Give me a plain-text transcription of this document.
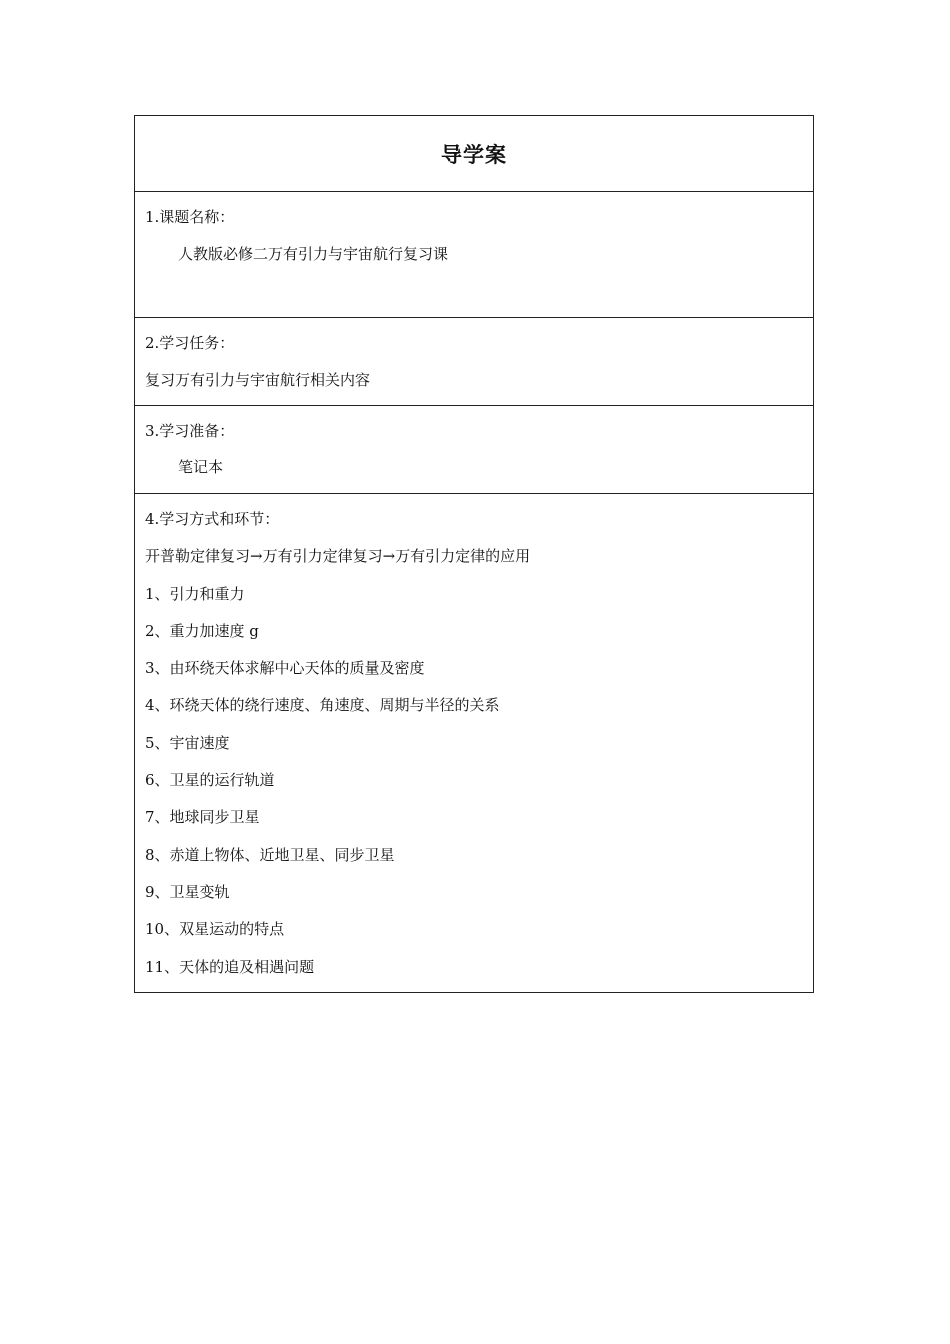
导学案
1.课题名称：
人教版必修二万有引力与宇宙航行复习课
2.学习任务：
复习万有引力与宇宙航行相关内容
3.学习准备：
笔记本
4.学习方式和环节：
开普勒定律复习→万有引力定律复习→万有引力定律的应用
1、引力和重力
2、重力加速度 g
3、由环绕天体求解中心天体的质量及密度
4、环绕天体的绕行速度、角速度、周期与半径的关系
5、宇宙速度
6、卫星的运行轨道
7、地球同步卫星
8、赤道上物体、近地卫星、同步卫星
9、卫星变轨
10、双星运动的特点
11、天体的追及相遇问题
